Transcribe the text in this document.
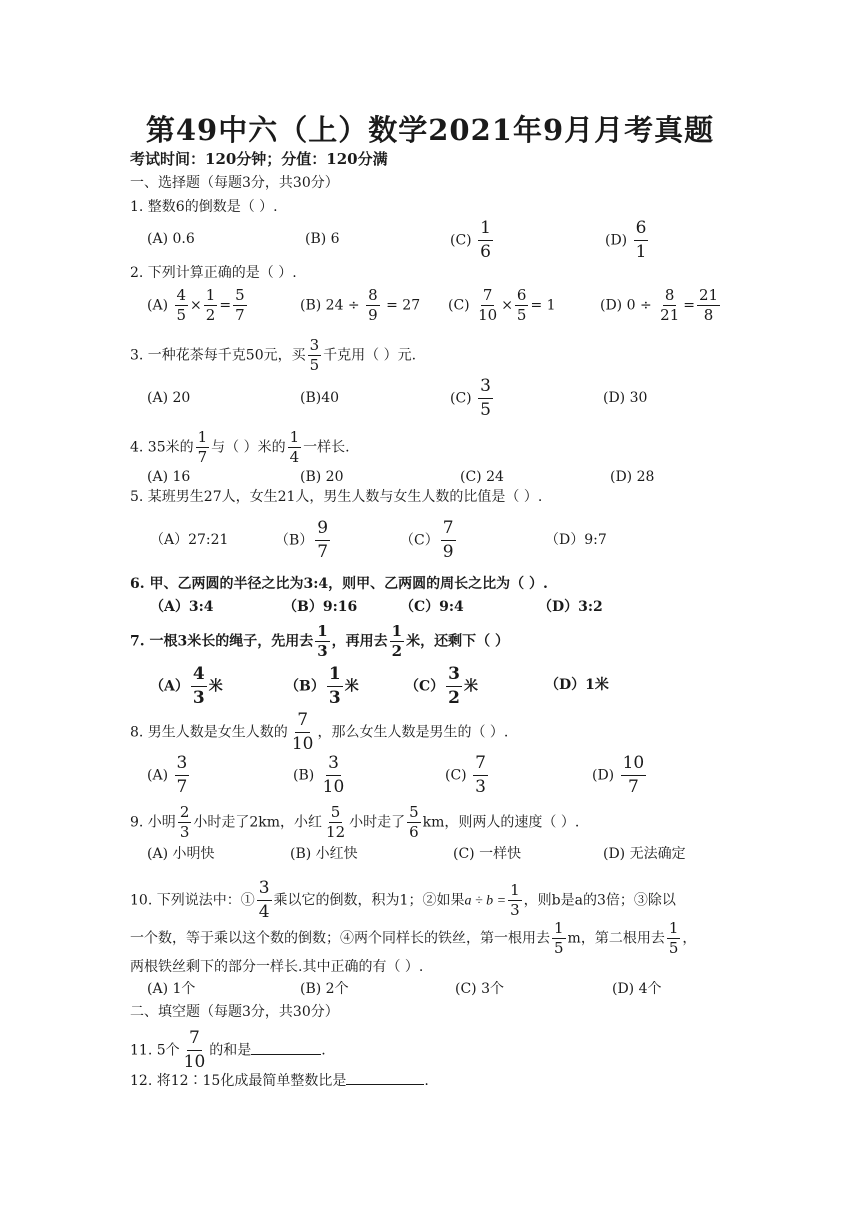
第49中六（上）数学2021年9月月考真题
考试时间：120分钟；分值：120分满
一、选择题（每题3分，共30分）
1. 整数6的倒数是（ ）.
(A) 0.6	(B) 6	$(C) \frac{1}{6}$	$(D) \frac{6}{1}$
2. 下列计算正确的是（ ）.
$(A) \frac{4}{5} \times \frac{1}{2} = \frac{5}{7}$	(B) $24 \div \frac{8}{9} = 27$ $(C) \frac{7}{10} \times \frac{6}{5} = 1$	(D) $0 \div \frac{8}{21} = \frac{21}{8}$
3. 一种花茶每千克50元，买 $\frac{3}{5}$ 千克用（ ）元.
(A) 20	(B)40	$(C) \frac{3}{5}$	(D) 30
4. 35米的 $\frac{1}{7}$ 与（ ）米的 $\frac{1}{4}$ 一样长.
(A) 16	(B) 20	(C) 24	(D) 28
5. 某班男生27人，女生21人，男生人数与女生人数的比值是（ ）.
（A）27:21	$(B) \frac{9}{7}$	$(C) \frac{7}{9}$	（D）9:7
6. 甲、乙两圆的半径之比为3:4，则甲、乙两圆的周长之比为（ ）.
（A）3:4	（B）9:16	（C）9:4	（D）3:2
7. 一根3米长的绳子，先用去 $\frac{1}{3}$ ，再用去 $\frac{1}{2}$ 米，还剩下（ ）
$(A) \frac{4}{3}$ 米	$(B) \frac{1}{3}$ 米	$(C) \frac{3}{2}$ 米	（D）1米
8. 男生人数是女生人数的 $\frac{7}{10}$ ，那么女生人数是男生的（ ）.
$(A) \frac{3}{7}$	$(B) \frac{3}{10}$	$(C) \frac{7}{3}$	$(D) \frac{10}{7}$
9. 小明 $\frac{2}{3}$ 小时走了2km，小红 $\frac{5}{12}$ 小时走了 $\frac{5}{6}$ km，则两人的速度（ ）.
(A) 小明快	(B) 小红快	(C) 一样快	(D) 无法确定
10. 下列说法中：① $\frac{3}{4}$ 乘以它的倒数，积为1；②如果$a \div b = \frac{1}{3}$ ，则b是a的3倍；③除以
一个数，等于乘以这个数的倒数；④两个同样长的铁丝，第一根用去 $\frac{1}{5}$ m，第二根用去 $\frac{1}{5}$ ，
两根铁丝剩下的部分一样长.其中正确的有（ ）.
(A) 1个	(B) 2个	(C) 3个	(D) 4个
二、填空题（每题3分，共30分）
11. 5个 $\frac{7}{10}$ 的和是	.
12. 将12∶15化成最简单整数比是	.
